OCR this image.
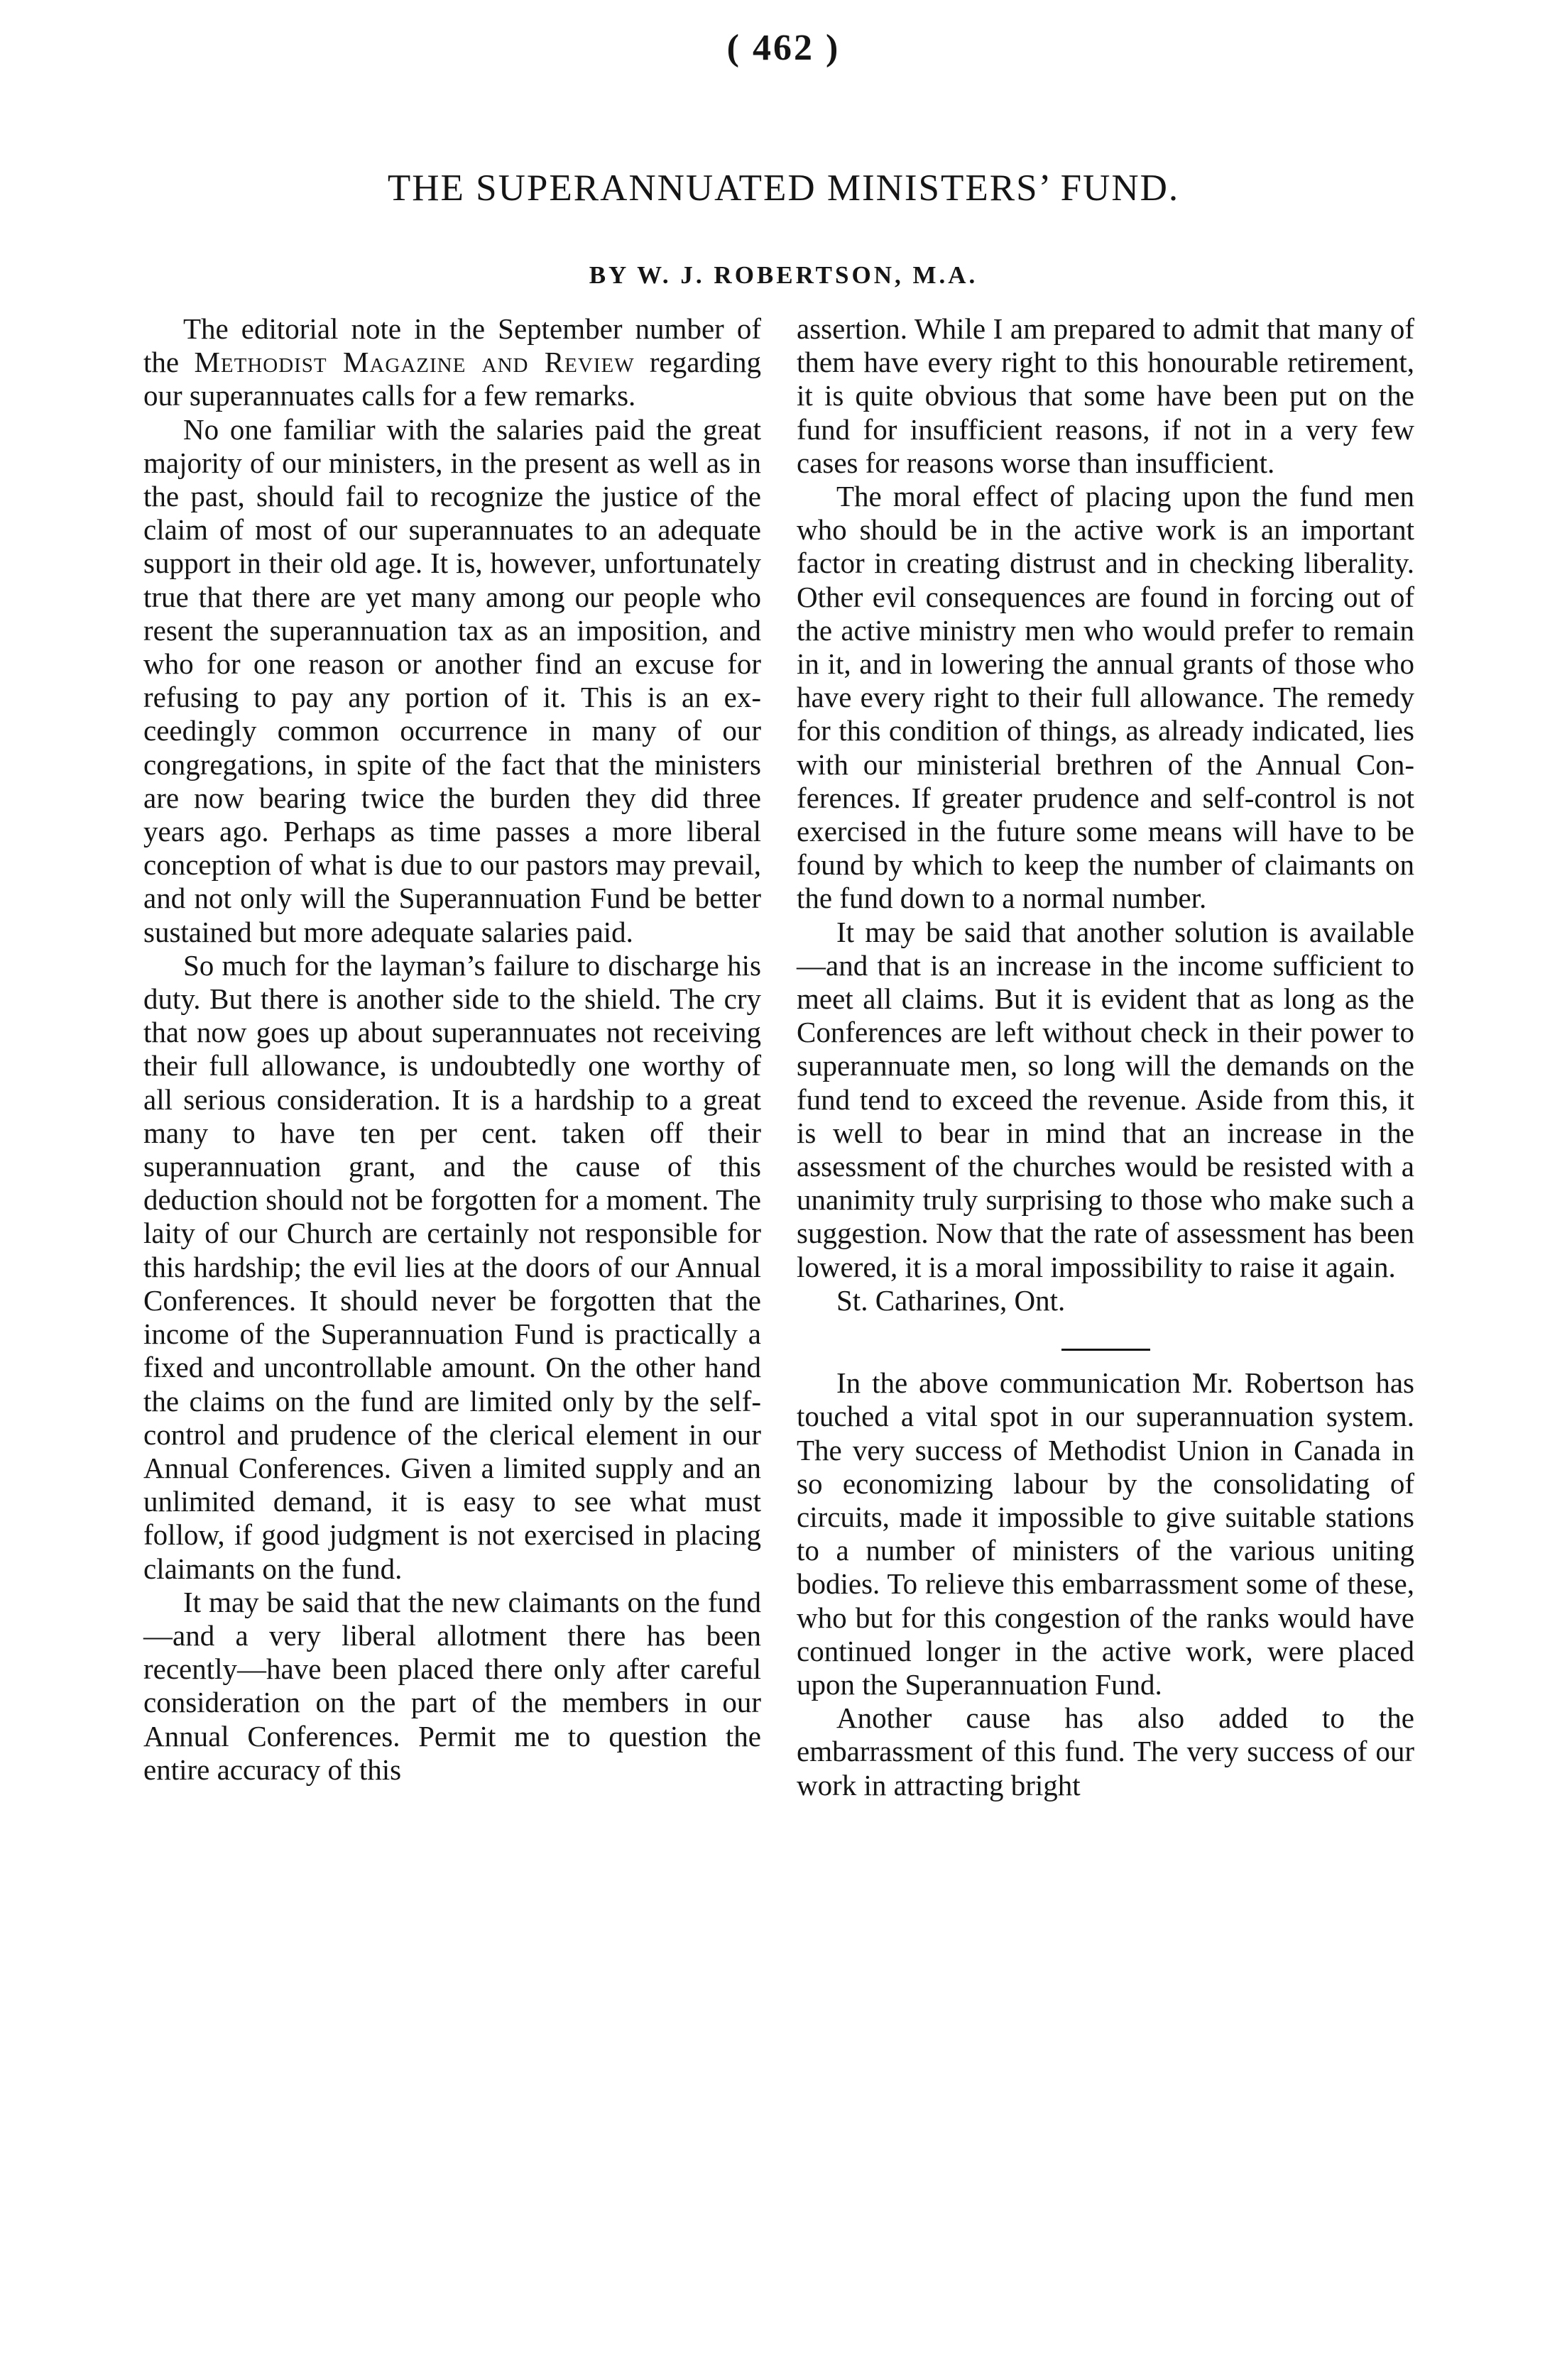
( 462 )
THE SUPERANNUATED MINISTERS’ FUND.
BY W. J. ROBERTSON, M.A.

The editorial note in the September number of the Methodist Magazine and Review regarding our superannuates calls for a few remarks.

No one familiar with the salaries paid the great majority of our ministers, in the present as well as in the past, should fail to recognize the justice of the claim of most of our superannuates to an adequate support in their old age. It is, however, unfortunately true that there are yet many among our people who resent the superannuation tax as an imposition, and who for one reason or another find an excuse for refusing to pay any portion of it. This is an exceedingly common occurrence in many of our congregations, in spite of the fact that the ministers are now bearing twice the burden they did three years ago. Perhaps as time passes a more liberal conception of what is due to our pastors may prevail, and not only will the Superannuation Fund be better sustained but more adequate salaries paid.

So much for the layman’s failure to discharge his duty. But there is another side to the shield. The cry that now goes up about superannuates not receiving their full allowance, is undoubtedly one worthy of all serious consideration. It is a hardship to a great many to have ten per cent. taken off their superannuation grant, and the cause of this deduction should not be forgotten for a moment. The laity of our Church are certainly not responsible for this hardship; the evil lies at the doors of our Annual Conferences. It should never be forgotten that the income of the Superannuation Fund is practically a fixed and uncontrollable amount. On the other hand the claims on the fund are limited only by the self-control and prudence of the clerical element in our Annual Conferences. Given a limited supply and an unlimited demand, it is easy to see what must follow, if good judgment is not exercised in placing claimants on the fund.

It may be said that the new claimants on the fund—and a very liberal allotment there has been recently—have been placed there only after careful consideration on the part of the members in our Annual Conferences. Permit me to question the entire accuracy of this

assertion. While I am prepared to admit that many of them have every right to this honourable retirement, it is quite obvious that some have been put on the fund for insufficient reasons, if not in a very few cases for reasons worse than insufficient.

The moral effect of placing upon the fund men who should be in the active work is an important factor in creating distrust and in checking liberality. Other evil consequences are found in forcing out of the active ministry men who would prefer to remain in it, and in lowering the annual grants of those who have every right to their full allowance. The remedy for this condition of things, as already indicated, lies with our ministerial brethren of the Annual Conferences. If greater prudence and self-control is not exercised in the future some means will have to be found by which to keep the number of claimants on the fund down to a normal number.

It may be said that another solution is available—and that is an increase in the income sufficient to meet all claims. But it is evident that as long as the Conferences are left without check in their power to superannuate men, so long will the demands on the fund tend to exceed the revenue. Aside from this, it is well to bear in mind that an increase in the assessment of the churches would be resisted with a unanimity truly surprising to those who make such a suggestion. Now that the rate of assessment has been lowered, it is a moral impossibility to raise it again.

St. Catharines, Ont.

In the above communication Mr. Robertson has touched a vital spot in our superannuation system. The very success of Methodist Union in Canada in so economizing labour by the consolidating of circuits, made it impossible to give suitable stations to a number of ministers of the various uniting bodies. To relieve this embarrassment some of these, who but for this congestion of the ranks would have continued longer in the active work, were placed upon the Superannuation Fund.

Another cause has also added to the embarrassment of this fund. The very success of our work in attracting bright
